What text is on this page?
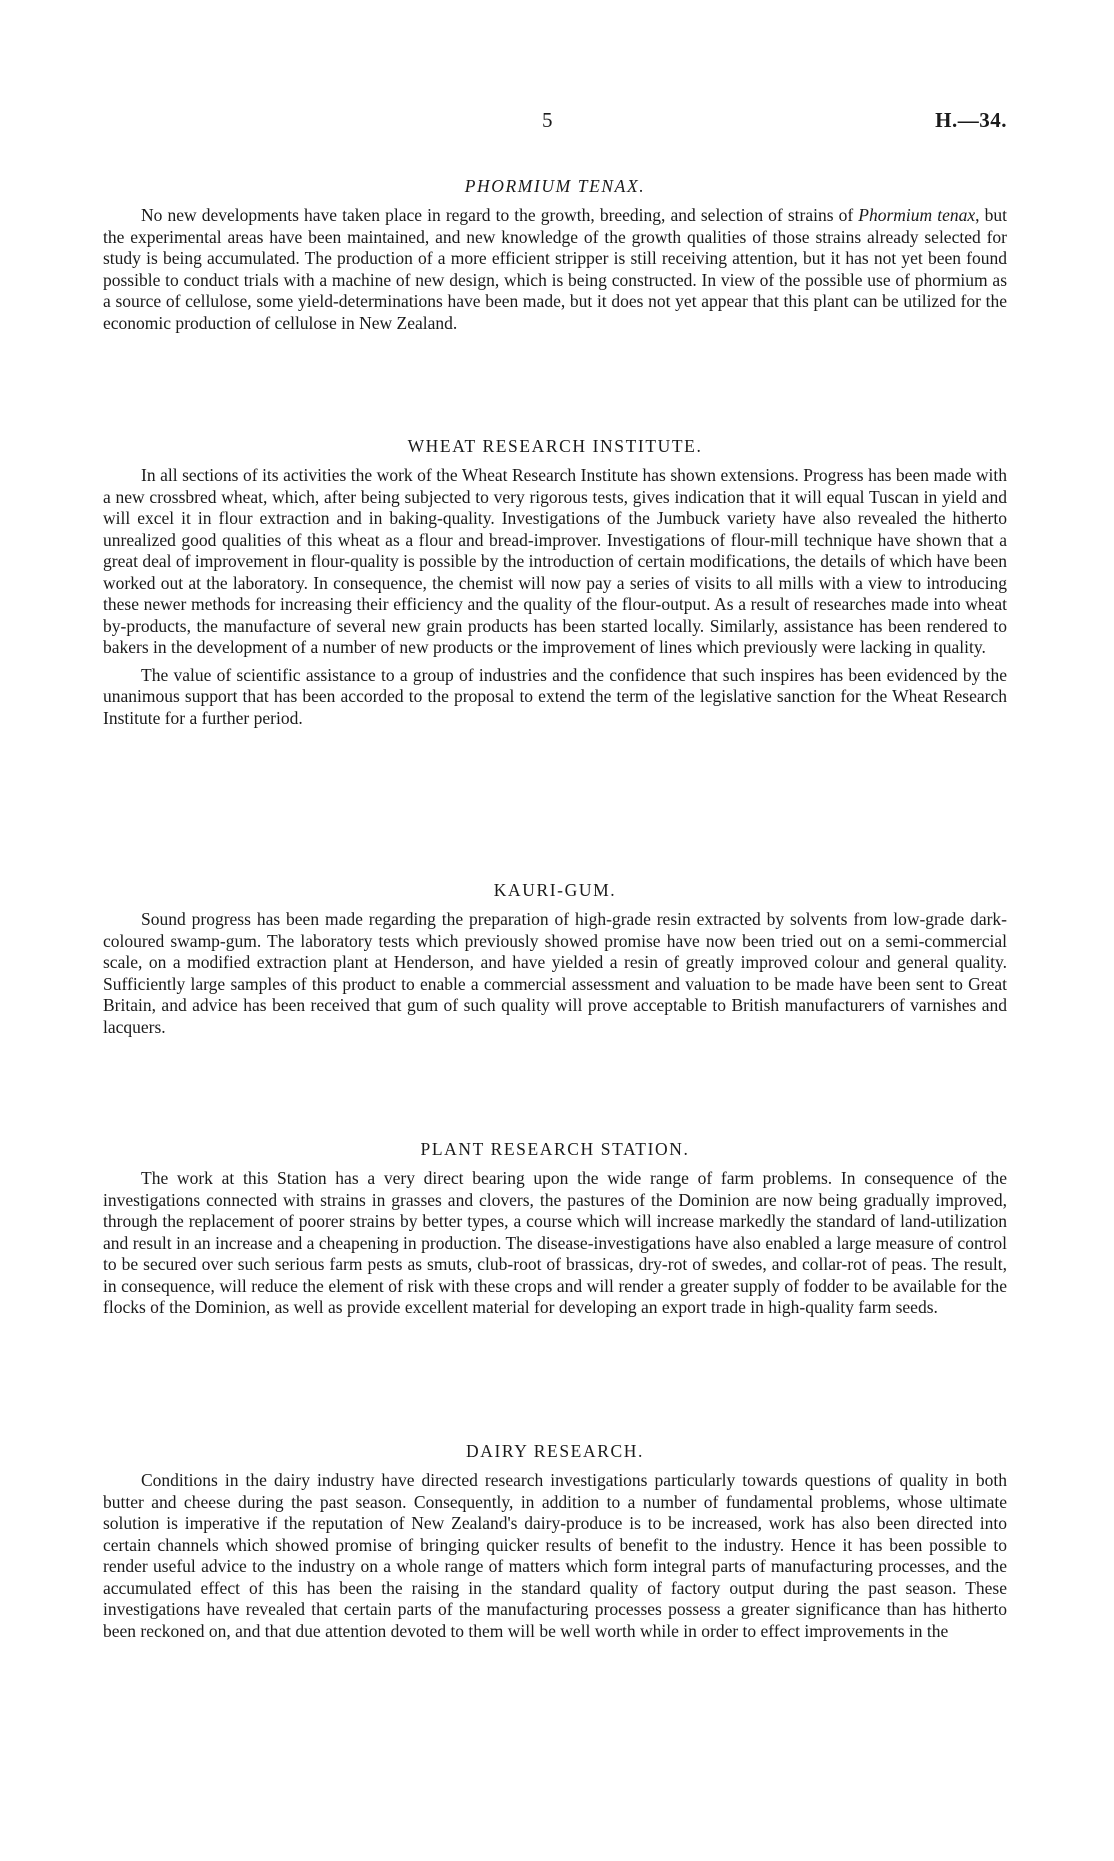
5	H.—34.
PHORMIUM TENAX.

No new developments have taken place in regard to the growth, breeding, and selection of strains of Phormium tenax, but the experimental areas have been maintained, and new knowledge of the growth qualities of those strains already selected for study is being accumulated. The production of a more efficient stripper is still receiving attention, but it has not yet been found possible to conduct trials with a machine of new design, which is being constructed. In view of the possible use of phormium as a source of cellulose, some yield-determinations have been made, but it does not yet appear that this plant can be utilized for the economic production of cellulose in New Zealand.

WHEAT RESEARCH INSTITUTE.

In all sections of its activities the work of the Wheat Research Institute has shown extensions. Progress has been made with a new crossbred wheat, which, after being subjected to very rigorous tests, gives indication that it will equal Tuscan in yield and will excel it in flour extraction and in baking-quality. Investigations of the Jumbuck variety have also revealed the hitherto unrealized good qualities of this wheat as a flour and bread-improver. Investigations of flour-mill technique have shown that a great deal of improvement in flour-quality is possible by the introduction of certain modifications, the details of which have been worked out at the laboratory. In consequence, the chemist will now pay a series of visits to all mills with a view to introducing these newer methods for increasing their efficiency and the quality of the flour-output. As a result of researches made into wheat by-products, the manufacture of several new grain products has been started locally. Similarly, assistance has been rendered to bakers in the development of a number of new products or the improvement of lines which previously were lacking in quality.

The value of scientific assistance to a group of industries and the confidence that such inspires has been evidenced by the unanimous support that has been accorded to the proposal to extend the term of the legislative sanction for the Wheat Research Institute for a further period.

KAURI-GUM.

Sound progress has been made regarding the preparation of high-grade resin extracted by solvents from low-grade dark-coloured swamp-gum. The laboratory tests which previously showed promise have now been tried out on a semi-commercial scale, on a modified extraction plant at Henderson, and have yielded a resin of greatly improved colour and general quality. Sufficiently large samples of this product to enable a commercial assessment and valuation to be made have been sent to Great Britain, and advice has been received that gum of such quality will prove acceptable to British manufacturers of varnishes and lacquers.

PLANT RESEARCH STATION.

The work at this Station has a very direct bearing upon the wide range of farm problems. In consequence of the investigations connected with strains in grasses and clovers, the pastures of the Dominion are now being gradually improved, through the replacement of poorer strains by better types, a course which will increase markedly the standard of land-utilization and result in an increase and a cheapening in production. The disease-investigations have also enabled a large measure of control to be secured over such serious farm pests as smuts, club-root of brassicas, dry-rot of swedes, and collar-rot of peas. The result, in consequence, will reduce the element of risk with these crops and will render a greater supply of fodder to be available for the flocks of the Dominion, as well as provide excellent material for developing an export trade in high-quality farm seeds.

DAIRY RESEARCH.

Conditions in the dairy industry have directed research investigations particularly towards questions of quality in both butter and cheese during the past season. Consequently, in addition to a number of fundamental problems, whose ultimate solution is imperative if the reputation of New Zealand's dairy-produce is to be increased, work has also been directed into certain channels which showed promise of bringing quicker results of benefit to the industry. Hence it has been possible to render useful advice to the industry on a whole range of matters which form integral parts of manufacturing processes, and the accumulated effect of this has been the raising in the standard quality of factory output during the past season. These investigations have revealed that certain parts of the manufacturing processes possess a greater significance than has hitherto been reckoned on, and that due attention devoted to them will be well worth while in order to effect improvements in the
